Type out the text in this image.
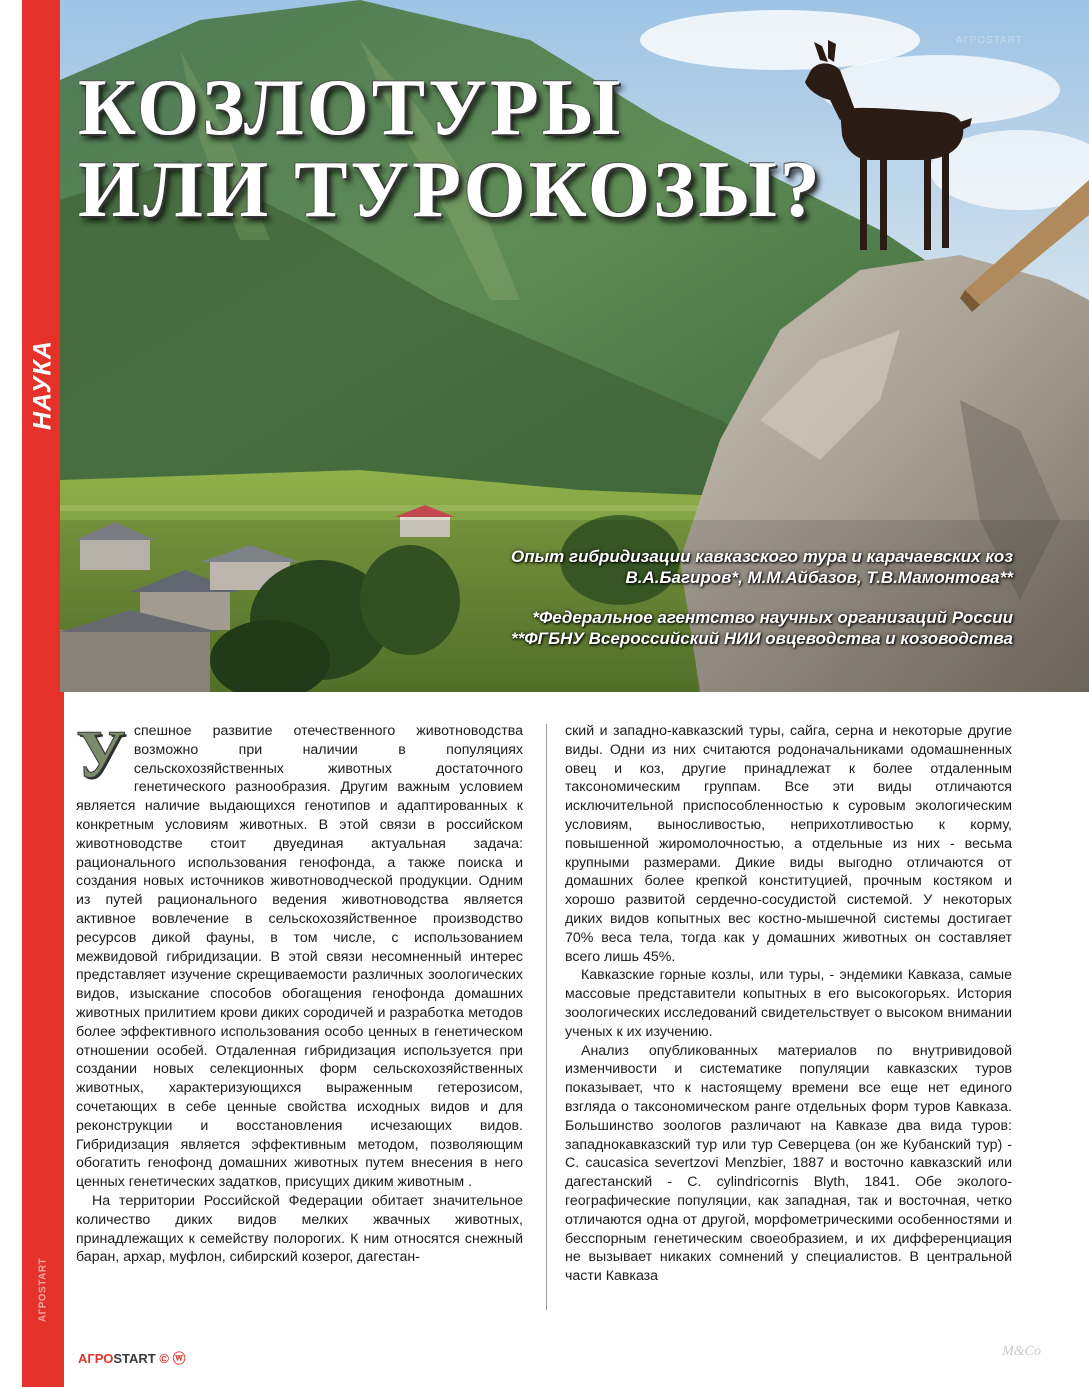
НАУКА
АГРОSTART
АГРОSTART
КОЗЛОТУРЫ
ИЛИ ТУРОКОЗЫ?
Опыт гибридизации кавказского тура и карачаевских коз
В.А.Багиров*, М.М.Айбазов, Т.В.Мамонтова**
*Федеральное агентство научных организаций России
**ФГБНУ Всероссийский НИИ овцеводства и козоводства

Успешное развитие отечественного животноводства возможно при наличии в популяциях сельскохозяйственных животных достаточного генетического разнообразия. Другим важным условием является наличие выдающихся генотипов и адаптированных к конкретным условиям животных. В этой связи в российском животноводстве стоит двуединая актуальная задача: рационального использования генофонда, а также поиска и создания новых источников животноводческой продукции. Одним из путей рационального ведения животноводства является активное вовлечение в сельскохозяйственное производство ресурсов дикой фауны, в том числе, с использованием межвидовой гибридизации. В этой связи несомненный интерес представляет изучение скрещиваемости различных зоологических видов, изыскание способов обогащения генофонда домашних животных прилитием крови диких сородичей и разработка методов более эффективного использования особо ценных в генетическом отношении особей. Отдаленная гибридизация используется при создании новых селекционных форм сельскохозяйственных животных, характеризующихся выраженным гетерозисом, сочетающих в себе ценные свойства исходных видов и для реконструкции и восстановления исчезающих видов. Гибридизация является эффективным методом, позволяющим обогатить генофонд домашних животных путем внесения в него ценных генетических задатков, присущих диким животным .

На территории Российской Федерации обитает значительное количество диких видов мелких жвачных животных, принадлежащих к семейству полорогих. К ним относятся снежный баран, архар, муфлон, сибирский козерог, дагестан-

ский и западно-кавказский туры, сайга, серна и некоторые другие виды. Одни из них считаются родоначальниками одомашненных овец и коз, другие принадлежат к более отдаленным таксономическим группам. Все эти виды отличаются исключительной приспособленностью к суровым экологическим условиям, выносливостью, неприхотливостью к корму, повышенной жиромолочностью, а отдельные из них - весьма крупными размерами. Дикие виды выгодно отличаются от домашних более крепкой конституцией, прочным костяком и хорошо развитой сердечно-сосудистой системой. У некоторых диких видов копытных вес костно-мышечной системы достигает 70% веса тела, тогда как у домашних животных он составляет всего лишь 45%.

Кавказские горные козлы, или туры, - эндемики Кавказа, самые массовые представители копытных в его высокогорьях. История зоологических исследований свидетельствует о высоком внимании ученых к их изучению.

Анализ опубликованных материалов по внутривидовой изменчивости и систематике популяции кавказских туров показывает, что к настоящему времени все еще нет единого взгляда о таксономическом ранге отдельных форм туров Кавказа. Большинство зоологов различают на Кавказе два вида туров: западнокавказский тур или тур Северцева (он же Кубанский тур) - C. caucasica severtzovi Menzbier, 1887 и восточно кавказский или дагестанский - C. cylindricornis Blyth, 1841. Обе эколого-географические популяции, как западная, так и восточная, четко отличаются одна от другой, морфометрическими особенностями и бесспорным генетическим своеобразием, и их дифференциация не вызывает никаких сомнений у специалистов. В центральной части Кавказа

АГРОSTART © ⓦ	M&Co
